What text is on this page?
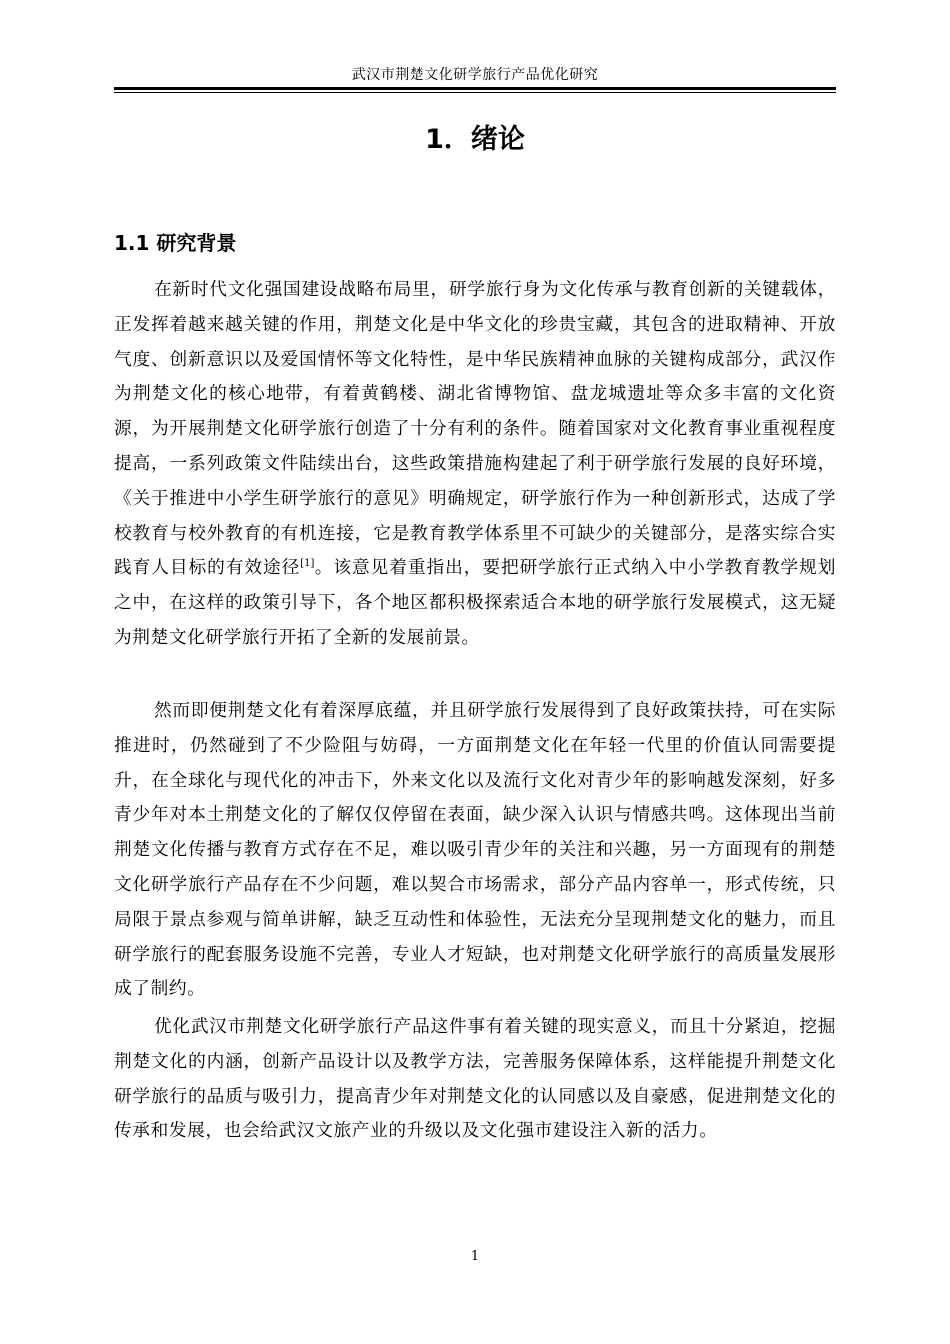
武汉市荆楚文化研学旅行产品优化研究
1．绪论
1.1 研究背景

在新时代文化强国建设战略布局里，研学旅行身为文化传承与教育创新的关键载体，正发挥着越来越关键的作用，荆楚文化是中华文化的珍贵宝藏，其包含的进取精神、开放气度、创新意识以及爱国情怀等文化特性，是中华民族精神血脉的关键构成部分，武汉作为荆楚文化的核心地带，有着黄鹤楼、湖北省博物馆、盘龙城遗址等众多丰富的文化资源，为开展荆楚文化研学旅行创造了十分有利的条件。随着国家对文化教育事业重视程度提高，一系列政策文件陆续出台，这些政策措施构建起了利于研学旅行发展的良好环境，《关于推进中小学生研学旅行的意见》明确规定，研学旅行作为一种创新形式，达成了学校教育与校外教育的有机连接，它是教育教学体系里不可缺少的关键部分，是落实综合实践育人目标的有效途径[1]。该意见着重指出，要把研学旅行正式纳入中小学教育教学规划之中，在这样的政策引导下，各个地区都积极探索适合本地的研学旅行发展模式，这无疑为荆楚文化研学旅行开拓了全新的发展前景。

然而即便荆楚文化有着深厚底蕴，并且研学旅行发展得到了良好政策扶持，可在实际推进时，仍然碰到了不少险阻与妨碍，一方面荆楚文化在年轻一代里的价值认同需要提升，在全球化与现代化的冲击下，外来文化以及流行文化对青少年的影响越发深刻，好多青少年对本土荆楚文化的了解仅仅停留在表面，缺少深入认识与情感共鸣。这体现出当前荆楚文化传播与教育方式存在不足，难以吸引青少年的关注和兴趣，另一方面现有的荆楚文化研学旅行产品存在不少问题，难以契合市场需求，部分产品内容单一，形式传统，只局限于景点参观与简单讲解，缺乏互动性和体验性，无法充分呈现荆楚文化的魅力，而且研学旅行的配套服务设施不完善，专业人才短缺，也对荆楚文化研学旅行的高质量发展形成了制约。

优化武汉市荆楚文化研学旅行产品这件事有着关键的现实意义，而且十分紧迫，挖掘荆楚文化的内涵，创新产品设计以及教学方法，完善服务保障体系，这样能提升荆楚文化研学旅行的品质与吸引力，提高青少年对荆楚文化的认同感以及自豪感，促进荆楚文化的传承和发展，也会给武汉文旅产业的升级以及文化强市建设注入新的活力。

1
